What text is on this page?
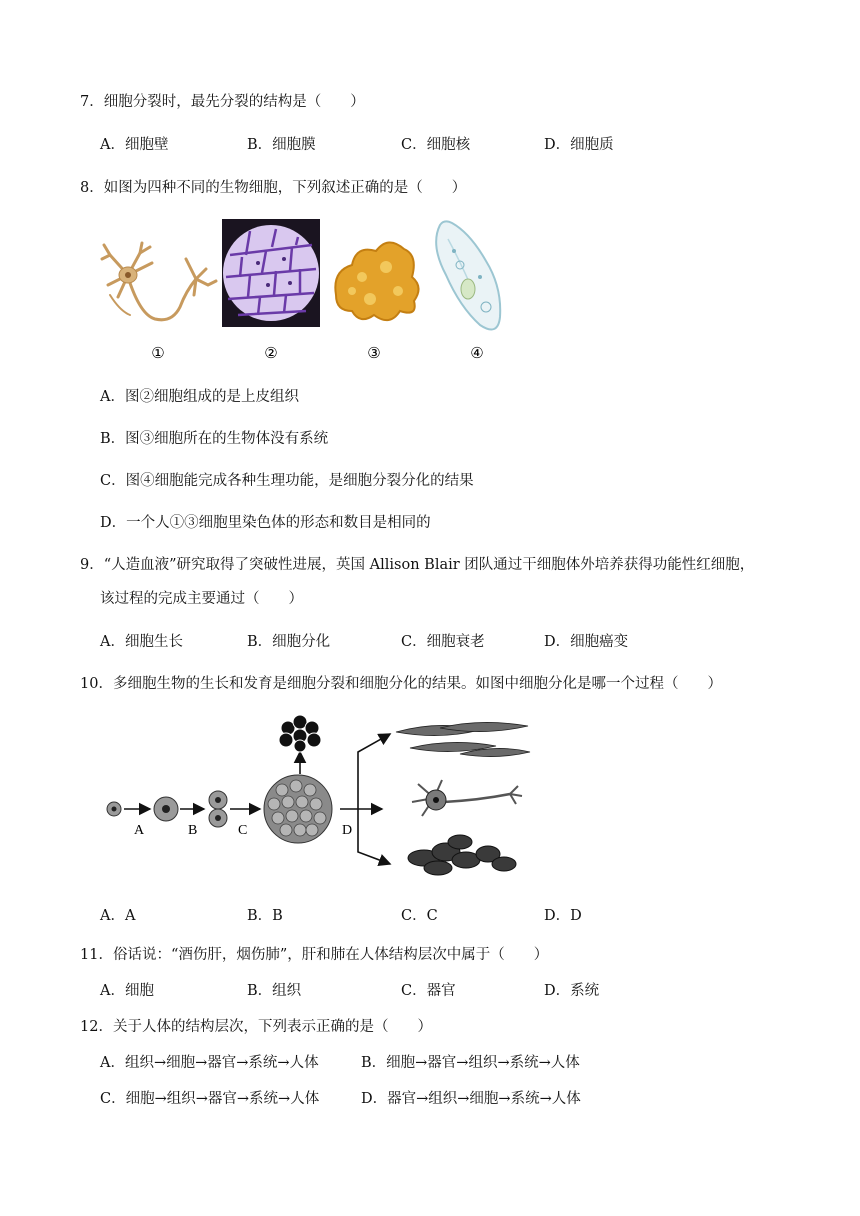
7．细胞分裂时，最先分裂的结构是（　　）
A．细胞壁	B．细胞膜	C．细胞核	D．细胞质
8．如图为四种不同的生物细胞，下列叙述正确的是（　　）
①	②	③	④
A．图②细胞组成的是上皮组织
B．图③细胞所在的生物体没有系统
C．图④细胞能完成各种生理功能，是细胞分裂分化的结果
D．一个人①③细胞里染色体的形态和数目是相同的
9．“人造血液”研究取得了突破性进展，英国 Allison Blair 团队通过干细胞体外培养获得功能性红细胞，
该过程的完成主要通过（　　）
A．细胞生长	B．细胞分化	C．细胞衰老	D．细胞癌变
10．多细胞生物的生长和发育是细胞分裂和细胞分化的结果。如图中细胞分化是哪一个过程（　　）
A	B	C	D
A．A	B．B	C．C	D．D
11．俗话说：“酒伤肝，烟伤肺”，肝和肺在人体结构层次中属于（　　）
A．细胞	B．组织	C．器官	D．系统
12．关于人体的结构层次，下列表示正确的是（　　）
A．组织→细胞→器官→系统→人体	B．细胞→器官→组织→系统→人体
C．细胞→组织→器官→系统→人体	D．器官→组织→细胞→系统→人体
